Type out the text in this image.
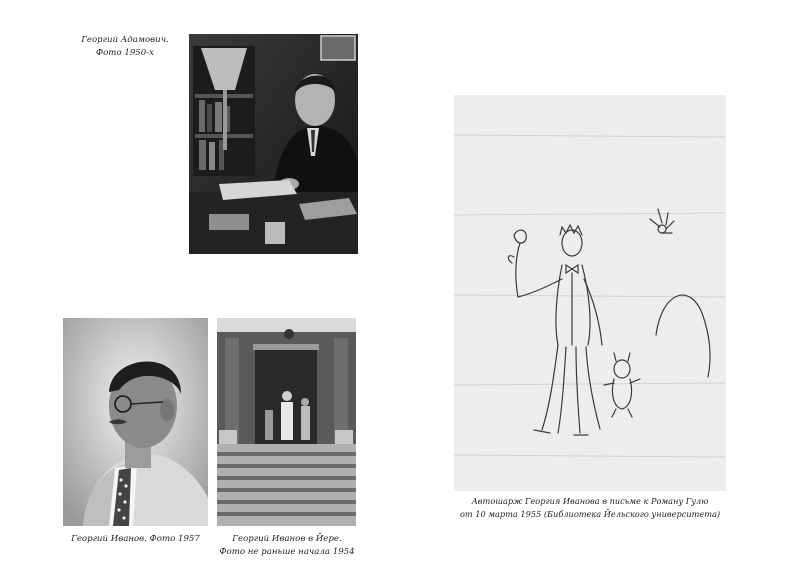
Георгий Адамович.
Фото 1950-х
Георгий Иванов. Фото 1957	Георгий Иванов в Йере.
Фото не раньше начала 1954
Автошарж Георгия Иванова в письме к Роману Гулю
от 10 марта 1955 (Библиотека Йельского университета)
